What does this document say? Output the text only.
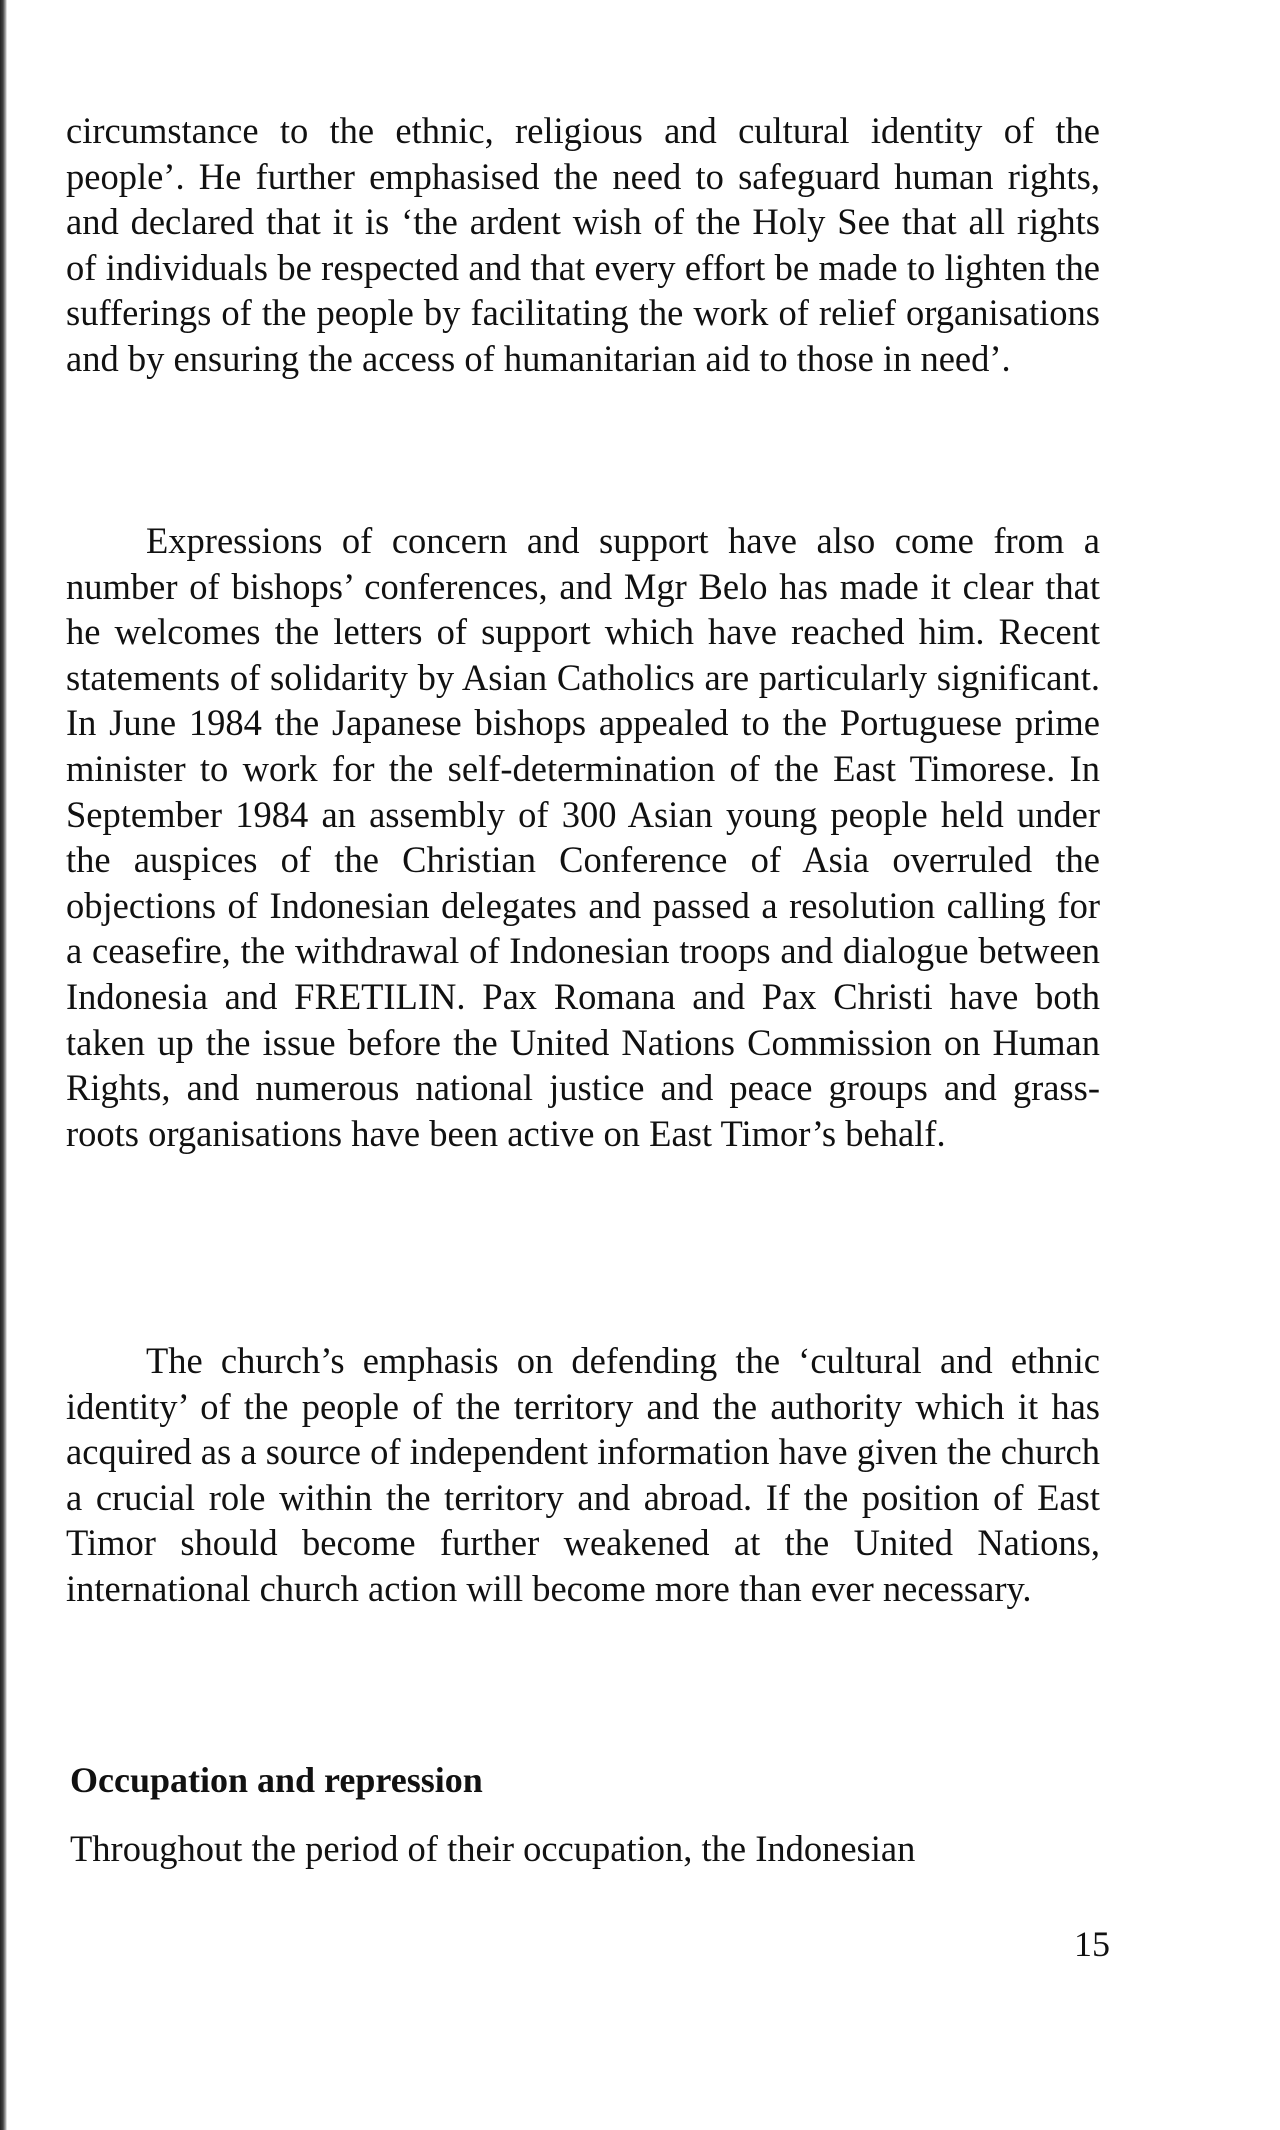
circumstance to the ethnic, religious and cultural identity of the people’. He further emphasised the need to safeguard human rights, and declared that it is ‘the ardent wish of the Holy See that all rights of individuals be respected and that every effort be made to lighten the sufferings of the people by facilitating the work of relief organisations and by ensuring the access of humanitarian aid to those in need’.

Expressions of concern and support have also come from a number of bishops’ conferences, and Mgr Belo has made it clear that he welcomes the letters of support which have reached him. Recent statements of solidarity by Asian Catholics are particularly significant. In June 1984 the Japanese bishops appealed to the Portuguese prime minister to work for the self-determination of the East Timorese. In September 1984 an assembly of 300 Asian young people held under the auspices of the Christian Conference of Asia overruled the objections of Indonesian delegates and passed a resolution calling for a ceasefire, the withdrawal of Indonesian troops and dialogue between Indonesia and FRETILIN. Pax Romana and Pax Christi have both taken up the issue before the United Nations Commission on Human Rights, and numerous national justice and peace groups and grass-roots organisations have been active on East Timor’s behalf.

The church’s emphasis on defending the ‘cultural and ethnic identity’ of the people of the territory and the authority which it has acquired as a source of independent information have given the church a crucial role within the territory and abroad. If the position of East Timor should become further weakened at the United Nations, international church action will become more than ever necessary.

Occupation and repression

Throughout the period of their occupation, the Indonesian

15
